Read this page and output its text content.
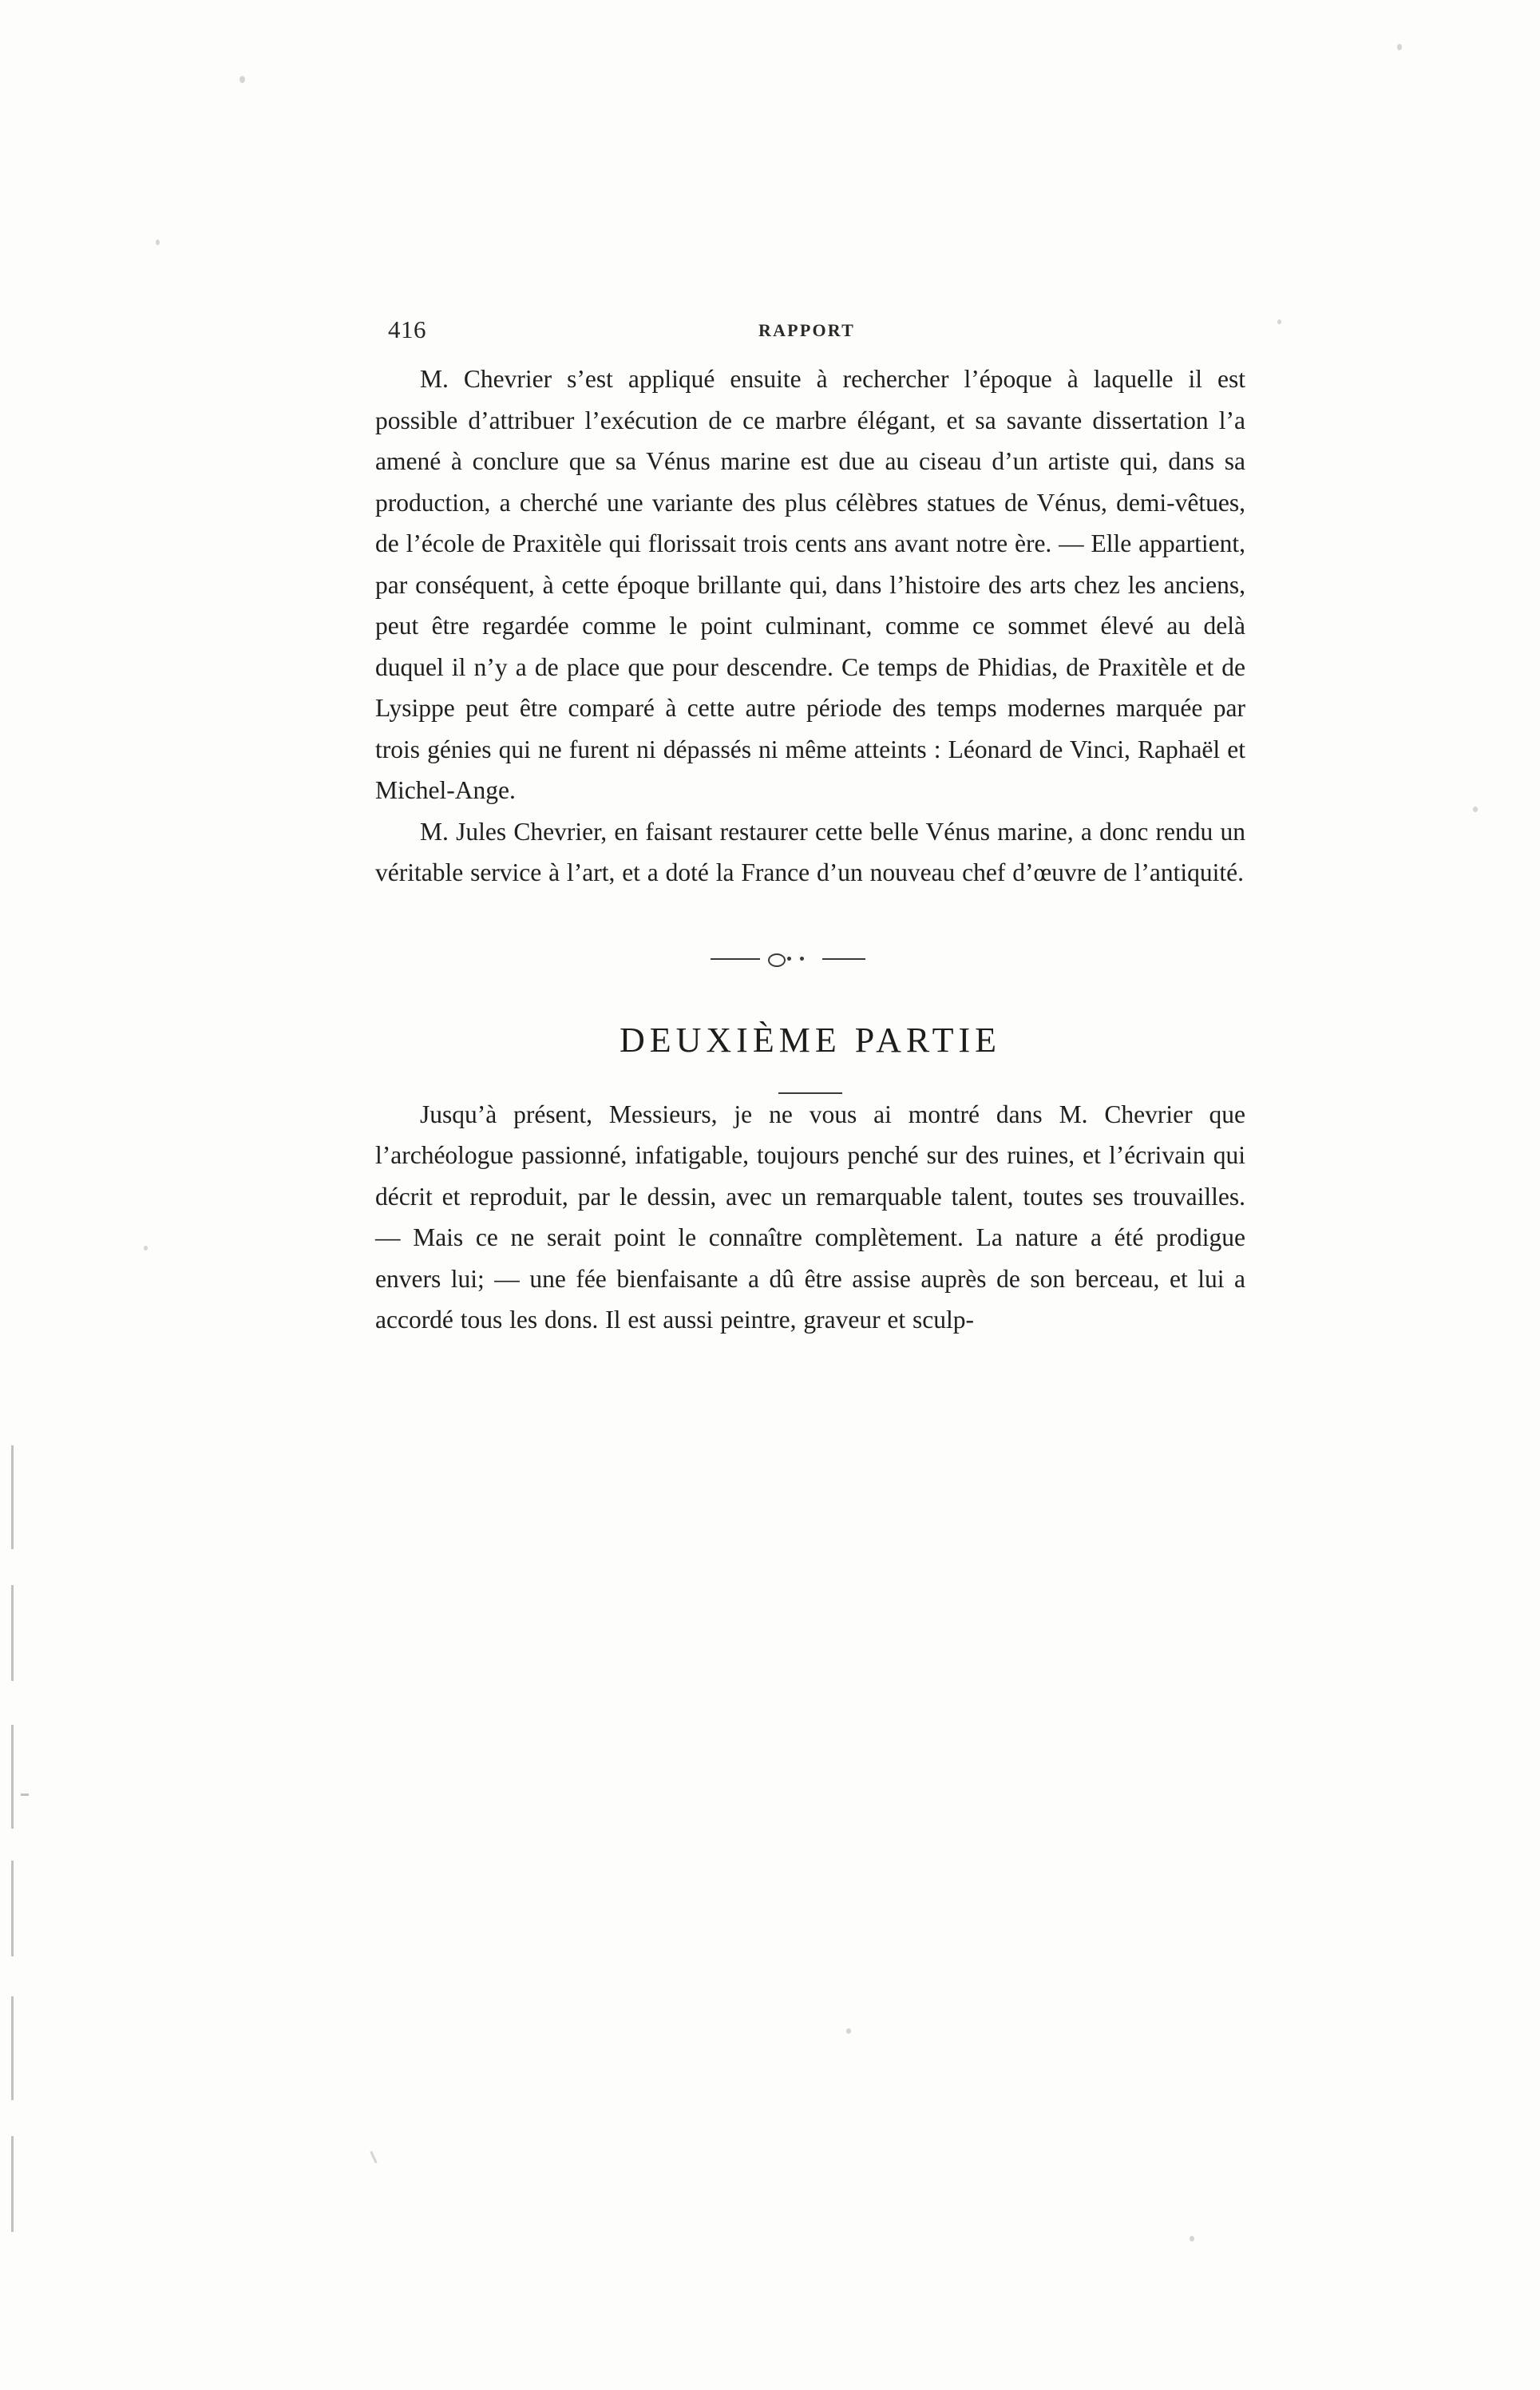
416	RAPPORT

M. Chevrier s’est appliqué ensuite à rechercher l’époque à laquelle il est possible d’attribuer l’exécution de ce marbre élégant, et sa savante dissertation l’a amené à conclure que sa Vénus marine est due au ciseau d’un artiste qui, dans sa production, a cherché une variante des plus célèbres statues de Vénus, demi-vêtues, de l’école de Praxitèle qui florissait trois cents ans avant notre ère. — Elle appartient, par conséquent, à cette époque brillante qui, dans l’histoire des arts chez les anciens, peut être regardée comme le point culminant, comme ce sommet élevé au delà duquel il n’y a de place que pour descendre. Ce temps de Phidias, de Praxitèle et de Lysippe peut être comparé à cette autre période des temps modernes marquée par trois génies qui ne furent ni dépassés ni même atteints : Léonard de Vinci, Raphaël et Michel-Ange.

M. Jules Chevrier, en faisant restaurer cette belle Vénus marine, a donc rendu un véritable service à l’art, et a doté la France d’un nouveau chef d’œuvre de l’antiquité.

DEUXIÈME PARTIE

Jusqu’à présent, Messieurs, je ne vous ai montré dans M. Chevrier que l’archéologue passionné, infatigable, toujours penché sur des ruines, et l’écrivain qui décrit et reproduit, par le dessin, avec un remarquable talent, toutes ses trouvailles. — Mais ce ne serait point le connaître complètement. La nature a été prodigue envers lui; — une fée bienfaisante a dû être assise auprès de son berceau, et lui a accordé tous les dons. Il est aussi peintre, graveur et sculp-
